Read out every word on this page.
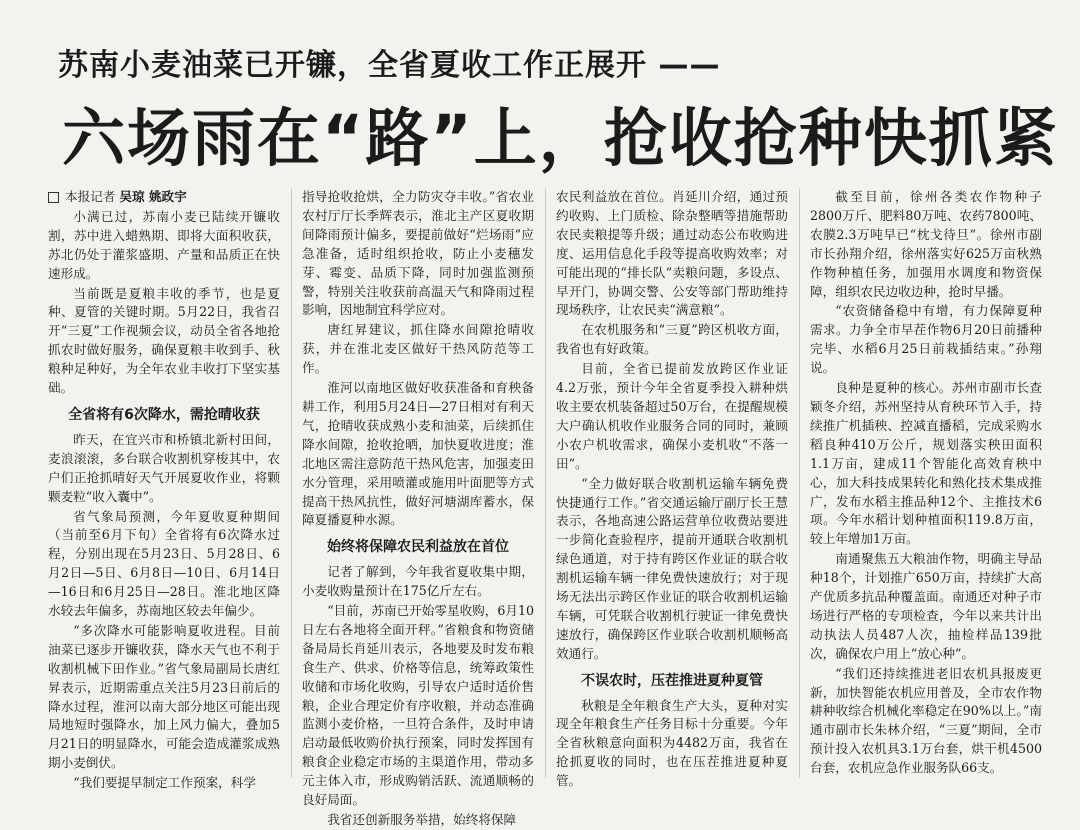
苏南小麦油菜已开镰，全省夏收工作正展开 ——
六场雨在“路”上，抢收抢种快抓紧

本报记者 吴琼 姚政宇

小满已过，苏南小麦已陆续开镰收割，苏中进入蜡熟期、即将大面积收获，苏北仍处于灌浆盛期、产量和品质正在快速形成。

当前既是夏粮丰收的季节，也是夏种、夏管的关键时期。5月22日，我省召开“三夏”工作视频会议，动员全省各地抢抓农时做好服务，确保夏粮丰收到手、秋粮种足种好，为全年农业丰收打下坚实基础。

全省将有6次降水，需抢晴收获

昨天，在宜兴市和桥镇北新村田间，麦浪滚滚，多台联合收割机穿梭其中，农户们正抢抓晴好天气开展夏收作业，将颗颗麦粒“收入囊中”。

省气象局预测，今年夏收夏种期间（当前至6月下旬）全省将有6次降水过程，分别出现在5月23日、5月28日、6月2日—5日、6月8日—10日、6月14日—16日和6月25日—28日。淮北地区降水较去年偏多，苏南地区较去年偏少。

“多次降水可能影响夏收进程。目前油菜已逐步开镰收获，降水天气也不利于收割机械下田作业。”省气象局副局长唐红昇表示，近期需重点关注5月23日前后的降水过程，淮河以南大部分地区可能出现局地短时强降水，加上风力偏大，叠加5月21日的明显降水，可能会造成灌浆成熟期小麦倒伏。

“我们要提早制定工作预案，科学

指导抢收抢烘，全力防灾夺丰收。”省农业农村厅厅长季辉表示，淮北主产区夏收期间降雨预计偏多，要提前做好“烂场雨”应急准备，适时组织抢收，防止小麦穗发芽、霉变、品质下降，同时加强监测预警，特别关注收获前高温天气和降雨过程影响，因地制宜科学应对。

唐红昇建议，抓住降水间隙抢晴收获，并在淮北麦区做好干热风防范等工作。

淮河以南地区做好收获准备和育秧备耕工作，利用5月24日—27日相对有利天气，抢晴收获成熟小麦和油菜，后续抓住降水间隙，抢收抢晒，加快夏收进度；淮北地区需注意防范干热风危害，加强麦田水分管理，采用喷灌或施用叶面肥等方式提高干热风抗性，做好河塘湖库蓄水，保障夏播夏种水源。

始终将保障农民利益放在首位

记者了解到，今年我省夏收集中期，小麦收购量预计在175亿斤左右。

“目前，苏南已开始零星收购，6月10日左右各地将全面开秤。”省粮食和物资储备局局长肖延川表示，各地要及时发布粮食生产、供求、价格等信息，统筹政策性收储和市场化收购，引导农户适时适价售粮，企业合理定价有序收粮，并动态准确监测小麦价格，一旦符合条件，及时申请启动最低收购价执行预案，同时发挥国有粮食企业稳定市场的主渠道作用，带动多元主体入市，形成购销活跃、流通顺畅的良好局面。

我省还创新服务举措，始终将保障

农民利益放在首位。肖延川介绍，通过预约收购、上门质检、除杂整晒等措施帮助农民卖粮提等升级；通过动态公布收购进度、运用信息化手段等提高收购效率；对可能出现的“排长队”卖粮问题，多设点、早开门，协调交警、公安等部门帮助维持现场秩序，让农民卖“满意粮”。

在农机服务和“三夏”跨区机收方面，我省也有好政策。

目前，全省已提前发放跨区作业证4.2万张，预计今年全省夏季投入耕种烘收主要农机装备超过50万台，在提醒规模大户确认机收作业服务合同的同时，兼顾小农户机收需求，确保小麦机收“不落一田”。

“全力做好联合收割机运输车辆免费快捷通行工作。”省交通运输厅副厅长王慧表示，各地高速公路运营单位收费站要进一步简化查验程序，提前开通联合收割机绿色通道，对于持有跨区作业证的联合收割机运输车辆一律免费快速放行；对于现场无法出示跨区作业证的联合收割机运输车辆，可凭联合收割机行驶证一律免费快速放行，确保跨区作业联合收割机顺畅高效通行。

不误农时，压茬推进夏种夏管

秋粮是全年粮食生产大头，夏种对实现全年粮食生产任务目标十分重要。今年全省秋粮意向面积为4482万亩，我省在抢抓夏收的同时，也在压茬推进夏种夏管。

截至目前，徐州各类农作物种子2800万斤、肥料80万吨、农药7800吨、农膜2.3万吨早已“枕戈待旦”。徐州市副市长孙翔介绍，徐州落实好625万亩秋熟作物种植任务，加强用水调度和物资保障，组织农民边收边种，抢时早播。

“农资储备稳中有增，有力保障夏种需求。力争全市早茬作物6月20日前播种完毕、水稻6月25日前栽插结束。”孙翔说。

良种是夏种的核心。苏州市副市长查颖冬介绍，苏州坚持从育秧环节入手，持续推广机插秧、控减直播稻，完成采购水稻良种410万公斤，规划落实秧田面积1.1万亩，建成11个智能化高效育秧中心，加大科技成果转化和熟化技术集成推广，发布水稻主推品种12个、主推技术6项。今年水稻计划种植面积119.8万亩，较上年增加1万亩。

南通聚焦五大粮油作物，明确主导品种18个，计划推广650万亩，持续扩大高产优质多抗品种覆盖面。南通还对种子市场进行严格的专项检查，今年以来共计出动执法人员487人次，抽检样品139批次，确保农户用上“放心种”。

“我们还持续推进老旧农机具报废更新，加快智能农机应用普及，全市农作物耕种收综合机械化率稳定在90%以上。”南通市副市长朱林介绍，“三夏”期间，全市预计投入农机具3.1万台套，烘干机4500台套，农机应急作业服务队66支。
